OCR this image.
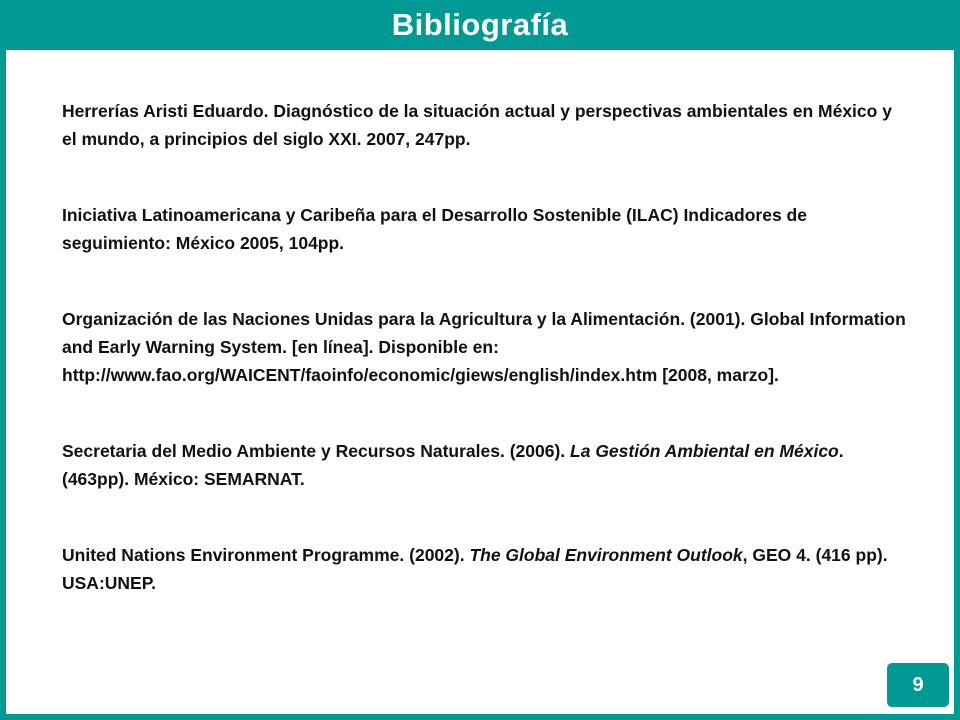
Bibliografía
Herrerías Aristi Eduardo. Diagnóstico de la situación actual y perspectivas ambientales en México y el mundo, a principios del siglo XXI. 2007, 247pp.
Iniciativa Latinoamericana y Caribeña para el Desarrollo Sostenible (ILAC) Indicadores de seguimiento: México 2005, 104pp.
Organización de las Naciones Unidas para la Agricultura y la Alimentación. (2001). Global Information and Early Warning System. [en línea]. Disponible en: http://www.fao.org/WAICENT/faoinfo/economic/giews/english/index.htm [2008, marzo].
Secretaria del Medio Ambiente y Recursos Naturales. (2006). La Gestión Ambiental en México. (463pp). México: SEMARNAT.
United Nations Environment Programme. (2002). The Global Environment Outlook, GEO 4. (416 pp). USA:UNEP.
9
